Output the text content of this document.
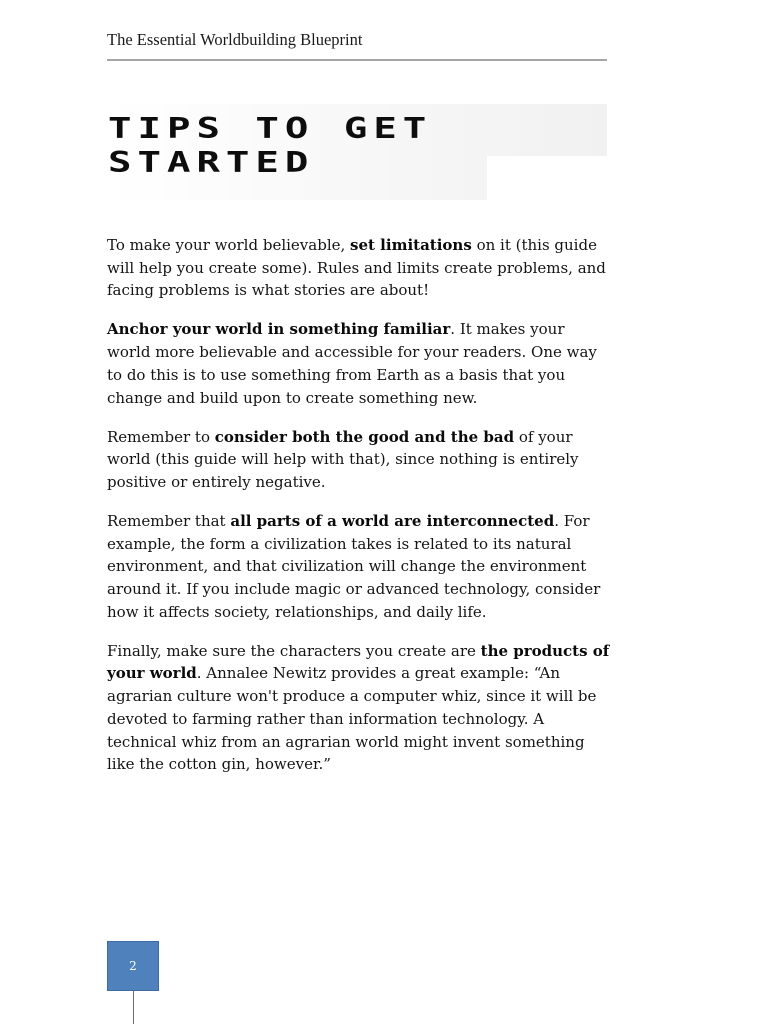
The Essential Worldbuilding Blueprint
TIPS TO GET
STARTED

To make your world believable, set limitations on it (this guide will help you create some). Rules and limits create problems, and facing problems is what stories are about!

Anchor your world in something familiar. It makes your world more believable and accessible for your readers. One way to do this is to use something from Earth as a basis that you change and build upon to create something new.

Remember to consider both the good and the bad of your world (this guide will help with that), since nothing is entirely positive or entirely negative.

Remember that all parts of a world are interconnected. For example, the form a civilization takes is related to its natural environment, and that civilization will change the environment around it. If you include magic or advanced technology, consider how it affects society, relationships, and daily life.

Finally, make sure the characters you create are the products of your world. Annalee Newitz provides a great example: “An agrarian culture won't produce a computer whiz, since it will be devoted to farming rather than information technology. A technical whiz from an agrarian world might invent something like the cotton gin, however.”

2
